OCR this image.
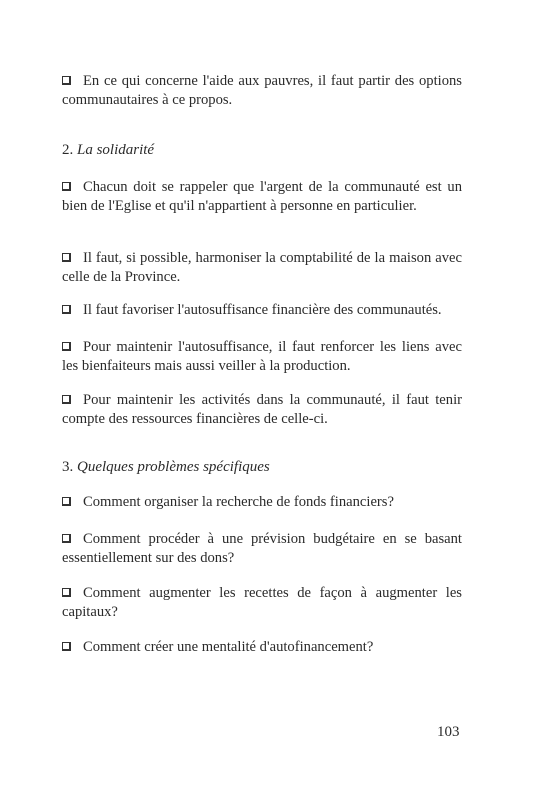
En ce qui concerne l'aide aux pauvres, il faut partir des options communautaires à ce propos.
2. La solidarité
Chacun doit se rappeler que l'argent de la communauté est un bien de l'Eglise et qu'il n'appartient à personne en particulier.
Il faut, si possible, harmoniser la comptabilité de la maison avec celle de la Province.
Il faut favoriser l'autosuffisance financière des communautés.
Pour maintenir l'autosuffisance, il faut renforcer les liens avec les bienfaiteurs mais aussi veiller à la production.
Pour maintenir les activités dans la communauté, il faut tenir compte des ressources financières de celle-ci.
3. Quelques problèmes spécifiques
Comment organiser la recherche de fonds financiers?
Comment procéder à une prévision budgétaire en se basant essentiellement sur des dons?
Comment augmenter les recettes de façon à augmenter les capitaux?
Comment créer une mentalité d'autofinancement?
103
